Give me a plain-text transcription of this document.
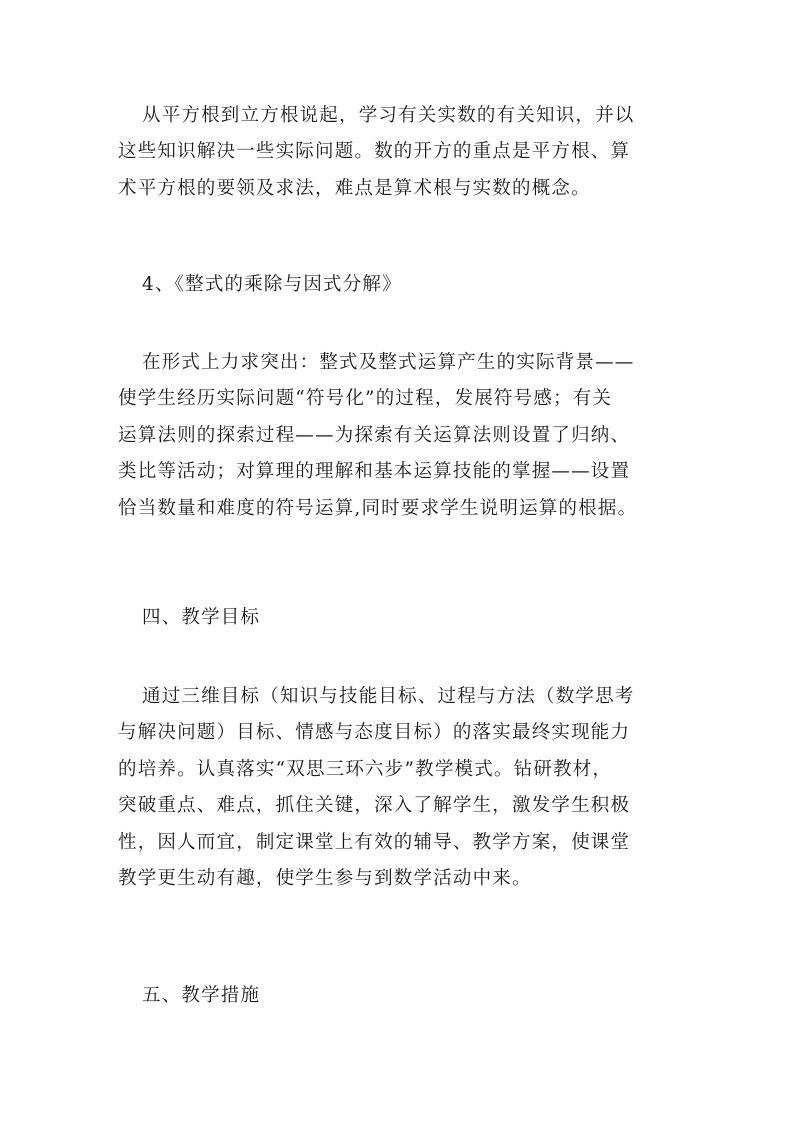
从平方根到立方根说起，学习有关实数的有关知识，并以
这些知识解决一些实际问题。数的开方的重点是平方根、算
术平方根的要领及求法，难点是算术根与实数的概念。
4、《整式的乘除与因式分解》
在形式上力求突出：整式及整式运算产生的实际背景——
使学生经历实际问题“符号化”的过程，发展符号感；有关
运算法则的探索过程——为探索有关运算法则设置了归纳、
类比等活动；对算理的理解和基本运算技能的掌握——设置
恰当数量和难度的符号运算,同时要求学生说明运算的根据。
四、教学目标
通过三维目标（知识与技能目标、过程与方法（数学思考
与解决问题）目标、情感与态度目标）的落实最终实现能力
的培养。认真落实“双思三环六步”教学模式。钻研教材，
突破重点、难点，抓住关键，深入了解学生，激发学生积极
性，因人而宜，制定课堂上有效的辅导、教学方案，使课堂
教学更生动有趣，使学生参与到数学活动中来。
五、教学措施
